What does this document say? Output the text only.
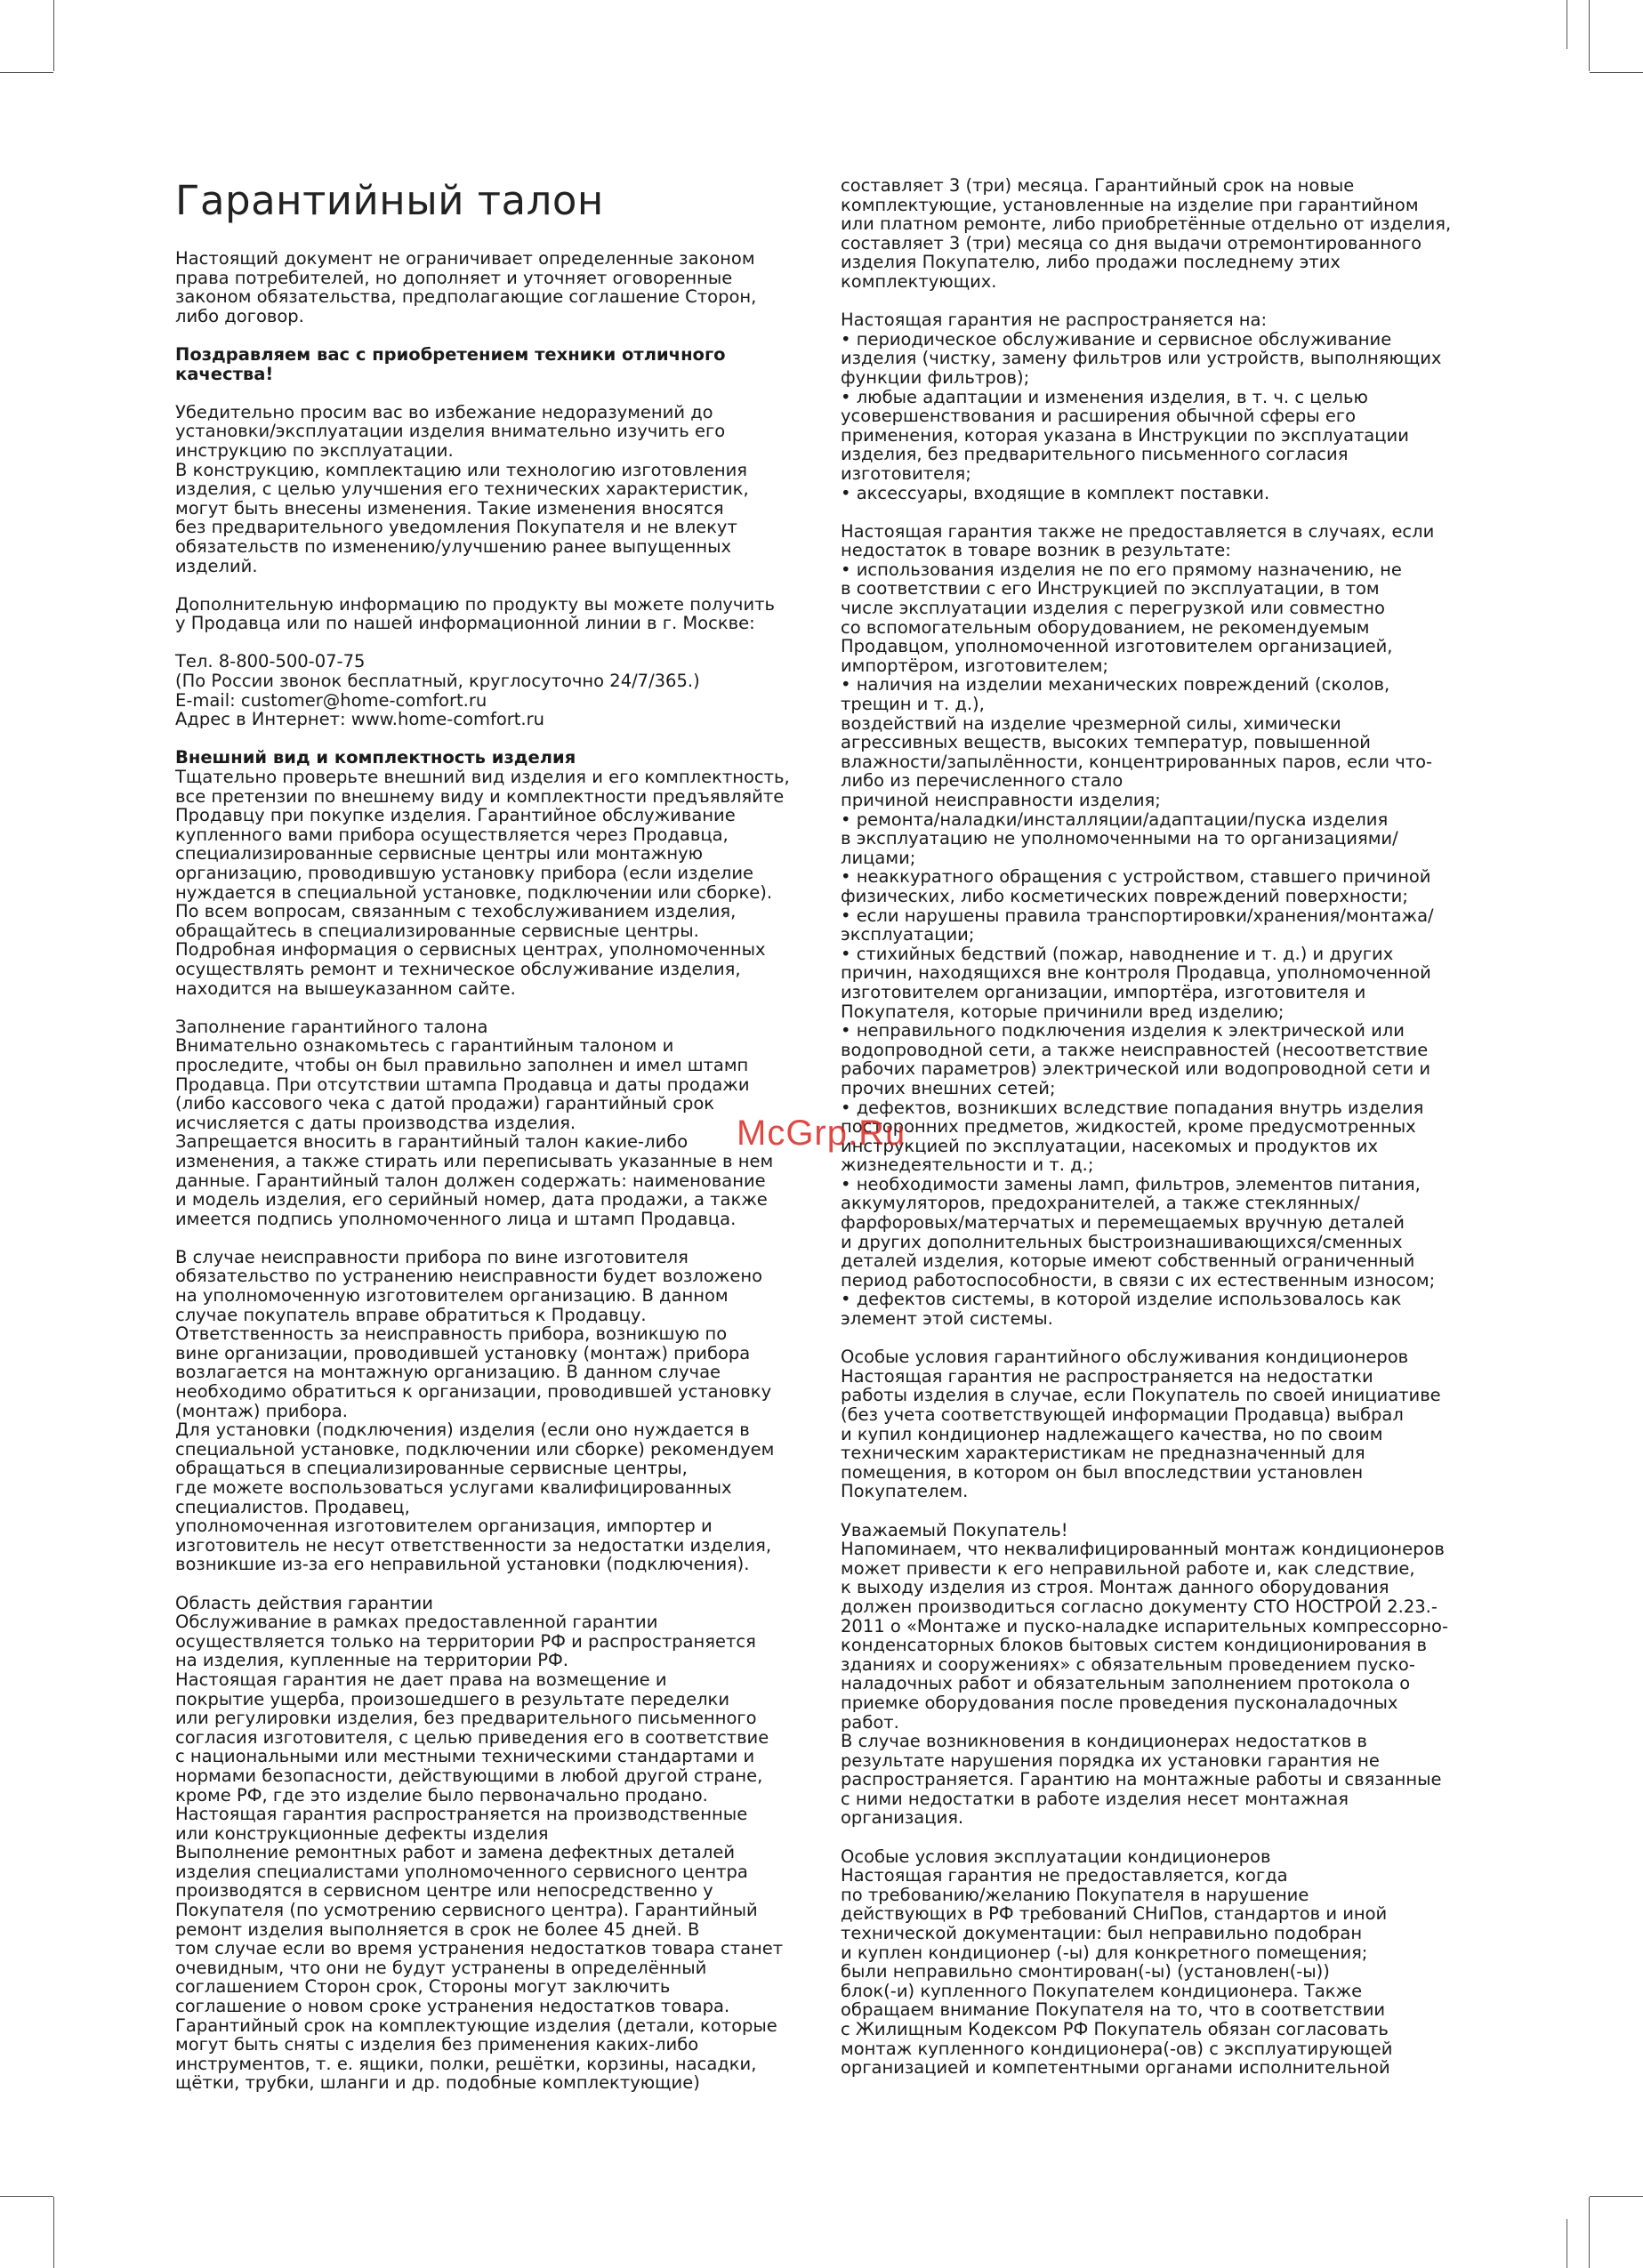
Гарантийный талон

Настоящий документ не ограничивает определенные законом
права потребителей, но дополняет и уточняет оговоренные
законом обязательства, предполагающие соглашение Сторон,
либо договор.

Поздравляем вас с приобретением техники отличного
качества!

Убедительно просим вас во избежание недоразумений до
установки/эксплуатации изделия внимательно изучить его
инструкцию по эксплуатации.
В конструкцию, комплектацию или технологию изготовления
изделия, с целью улучшения его технических характеристик,
могут быть внесены изменения. Такие изменения вносятся
без предварительного уведомления Покупателя и не влекут
обязательств по изменению/улучшению ранее выпущенных
изделий.

Дополнительную информацию по продукту вы можете получить
у Продавца или по нашей информационной линии в г. Москве:

Тел. 8-800-500-07-75
(По России звонок бесплатный, круглосуточно 24/7/365.)
E-mail: customer@home-comfort.ru
Адрес в Интернет: www.home-comfort.ru

Внешний вид и комплектность изделия

Тщательно проверьте внешний вид изделия и его комплектность,
все претензии по внешнему виду и комплектности предъявляйте
Продавцу при покупке изделия. Гарантийное обслуживание
купленного вами прибора осуществляется через Продавца,
специализированные сервисные центры или монтажную
организацию, проводившую установку прибора (если изделие
нуждается в специальной установке, подключении или сборке).
По всем вопросам, связанным с техобслуживанием изделия,
обращайтесь в специализированные сервисные центры.
Подробная информация о сервисных центрах, уполномоченных
осуществлять ремонт и техническое обслуживание изделия,
находится на вышеуказанном сайте.

Заполнение гарантийного талона
Внимательно ознакомьтесь с гарантийным талоном и
проследите, чтобы он был правильно заполнен и имел штамп
Продавца. При отсутствии штампа Продавца и даты продажи
(либо кассового чека с датой продажи) гарантийный срок
исчисляется с даты производства изделия.
Запрещается вносить в гарантийный талон какие-либо
изменения, а также стирать или переписывать указанные в нем
данные. Гарантийный талон должен содержать: наименование
и модель изделия, его серийный номер, дата продажи, а также
имеется подпись уполномоченного лица и штамп Продавца.

В случае неисправности прибора по вине изготовителя
обязательство по устранению неисправности будет возложено
на уполномоченную изготовителем организацию. В данном
случае покупатель вправе обратиться к Продавцу.
Ответственность за неисправность прибора, возникшую по
вине организации, проводившей установку (монтаж) прибора
возлагается на монтажную организацию. В данном случае
необходимо обратиться к организации, проводившей установку
(монтаж) прибора.
Для установки (подключения) изделия (если оно нуждается в
специальной установке, подключении или сборке) рекомендуем
обращаться в специализированные сервисные центры,
где можете воспользоваться услугами квалифицированных
специалистов. Продавец,
уполномоченная изготовителем организация, импортер и
изготовитель не несут ответственности за недостатки изделия,
возникшие из-за его неправильной установки (подключения).

Область действия гарантии
Обслуживание в рамках предоставленной гарантии
осуществляется только на территории РФ и распространяется
на изделия, купленные на территории РФ.
Настоящая гарантия не дает права на возмещение и
покрытие ущерба, произошедшего в результате переделки
или регулировки изделия, без предварительного письменного
согласия изготовителя, с целью приведения его в соответствие
с национальными или местными техническими стандартами и
нормами безопасности, действующими в любой другой стране,
кроме РФ, где это изделие было первоначально продано.
Настоящая гарантия распространяется на производственные
или конструкционные дефекты изделия
Выполнение ремонтных работ и замена дефектных деталей
изделия специалистами уполномоченного сервисного центра
производятся в сервисном центре или непосредственно у
Покупателя (по усмотрению сервисного центра). Гарантийный
ремонт изделия выполняется в срок не более 45 дней. В
том случае если во время устранения недостатков товара станет
очевидным, что они не будут устранены в определённый
соглашением Сторон срок, Стороны могут заключить
соглашение о новом сроке устранения недостатков товара.
Гарантийный срок на комплектующие изделия (детали, которые
могут быть сняты с изделия без применения каких-либо
инструментов, т. е. ящики, полки, решётки, корзины, насадки,
щётки, трубки, шланги и др. подобные комплектующие)

составляет 3 (три) месяца. Гарантийный срок на новые
комплектующие, установленные на изделие при гарантийном
или платном ремонте, либо приобретённые отдельно от изделия,
составляет 3 (три) месяца со дня выдачи отремонтированного
изделия Покупателю, либо продажи последнему этих
комплектующих.

Настоящая гарантия не распространяется на:
• периодическое обслуживание и сервисное обслуживание
изделия (чистку, замену фильтров или устройств, выполняющих
функции фильтров);
• любые адаптации и изменения изделия, в т. ч. с целью
усовершенствования и расширения обычной сферы его
применения, которая указана в Инструкции по эксплуатации
изделия, без предварительного письменного согласия
изготовителя;
• аксессуары, входящие в комплект поставки.

Настоящая гарантия также не предоставляется в случаях, если
недостаток в товаре возник в результате:
• использования изделия не по его прямому назначению, не
в соответствии с его Инструкцией по эксплуатации, в том
числе эксплуатации изделия с перегрузкой или совместно
со вспомогательным оборудованием, не рекомендуемым
Продавцом, уполномоченной изготовителем организацией,
импортёром, изготовителем;
• наличия на изделии механических повреждений (сколов,
трещин и т. д.),
воздействий на изделие чрезмерной силы, химически
агрессивных веществ, высоких температур, повышенной
влажности/запылённости, концентрированных паров, если что-
либо из перечисленного стало
причиной неисправности изделия;
• ремонта/наладки/инсталляции/адаптации/пуска изделия
в эксплуатацию не уполномоченными на то организациями/
лицами;
• неаккуратного обращения с устройством, ставшего причиной
физических, либо косметических повреждений поверхности;
• если нарушены правила транспортировки/хранения/монтажа/
эксплуатации;
• стихийных бедствий (пожар, наводнение и т. д.) и других
причин, находящихся вне контроля Продавца, уполномоченной
изготовителем организации, импортёра, изготовителя и
Покупателя, которые причинили вред изделию;
• неправильного подключения изделия к электрической или
водопроводной сети, а также неисправностей (несоответствие
рабочих параметров) электрической или водопроводной сети и
прочих внешних сетей;
• дефектов, возникших вследствие попадания внутрь изделия
посторонних предметов, жидкостей, кроме предусмотренных
инструкцией по эксплуатации, насекомых и продуктов их
жизнедеятельности и т. д.;
• необходимости замены ламп, фильтров, элементов питания,
аккумуляторов, предохранителей, а также стеклянных/
фарфоровых/матерчатых и перемещаемых вручную деталей
и других дополнительных быстроизнашивающихся/сменных
деталей изделия, которые имеют собственный ограниченный
период работоспособности, в связи с их естественным износом;
• дефектов системы, в которой изделие использовалось как
элемент этой системы.

Особые условия гарантийного обслуживания кондиционеров
Настоящая гарантия не распространяется на недостатки
работы изделия в случае, если Покупатель по своей инициативе
(без учета соответствующей информации Продавца) выбрал
и купил кондиционер надлежащего качества, но по своим
техническим характеристикам не предназначенный для
помещения, в котором он был впоследствии установлен
Покупателем.

Уважаемый Покупатель!
Напоминаем, что неквалифицированный монтаж кондиционеров
может привести к его неправильной работе и, как следствие,
к выходу изделия из строя. Монтаж данного оборудования
должен производиться согласно документу СТО НОСТРОЙ 2.23.-
2011 о «Монтаже и пуско-наладке испарительных компрессорно-
конденсаторных блоков бытовых систем кондиционирования в
зданиях и сооружениях» с обязательным проведением пуско-
наладочных работ и обязательным заполнением протокола о
приемке оборудования после проведения пусконаладочных
работ.
В случае возникновения в кондиционерах недостатков в
результате нарушения порядка их установки гарантия не
распространяется. Гарантию на монтажные работы и связанные
с ними недостатки в работе изделия несет монтажная
организация.

Особые условия эксплуатации кондиционеров
Настоящая гарантия не предоставляется, когда
по требованию/желанию Покупателя в нарушение
действующих в РФ требований СНиПов, стандартов и иной
технической документации: был неправильно подобран
и куплен кондиционер (-ы) для конкретного помещения;
были неправильно смонтирован(-ы) (установлен(-ы))
блок(-и) купленного Покупателем кондиционера. Также
обращаем внимание Покупателя на то, что в соответствии
с Жилищным Кодексом РФ Покупатель обязан согласовать
монтаж купленного кондиционера(-ов) с эксплуатирующей
организацией и компетентными органами исполнительной

McGrp.Ru
